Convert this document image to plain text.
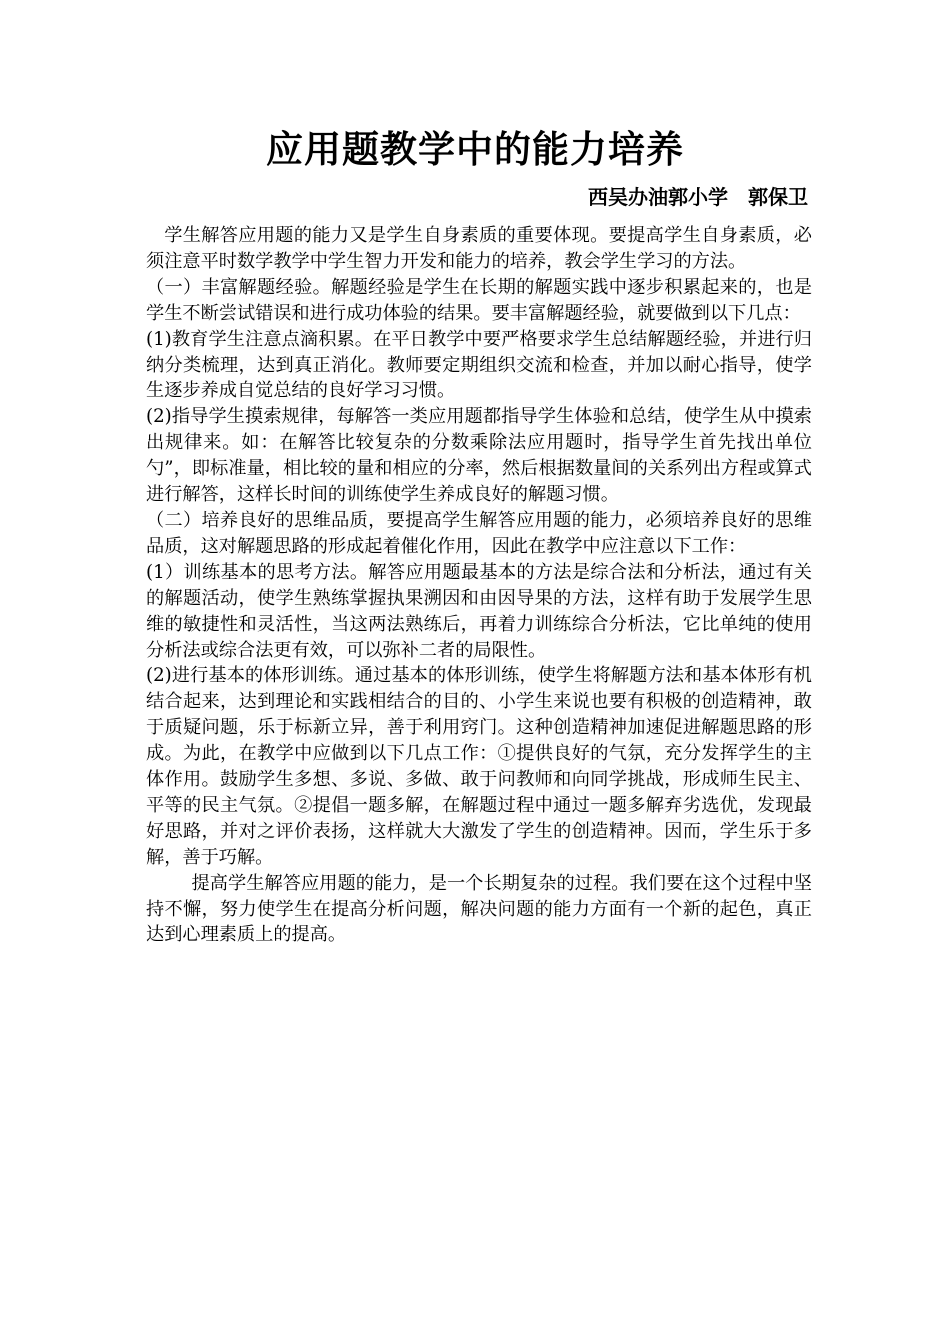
应用题教学中的能力培养
西吴办油郭小学　郭保卫

学生解答应用题的能力又是学生自身素质的重要体现。要提高学生自身素质，必须注意平时数学教学中学生智力开发和能力的培养，教会学生学习的方法。

（一）丰富解题经验。解题经验是学生在长期的解题实践中逐步积累起来的，也是学生不断尝试错误和进行成功体验的结果。要丰富解题经验，就要做到以下几点：

(1)教育学生注意点滴积累。在平日教学中要严格要求学生总结解题经验，并进行归纳分类梳理，达到真正消化。教师要定期组织交流和检查，并加以耐心指导，使学生逐步养成自觉总结的良好学习习惯。

(2)指导学生摸索规律，每解答一类应用题都指导学生体验和总结，使学生从中摸索出规律来。如：在解答比较复杂的分数乘除法应用题时，指导学生首先找出单位勺”，即标准量，相比较的量和相应的分率，然后根据数量间的关系列出方程或算式进行解答，这样长时间的训练使学生养成良好的解题习惯。

（二）培养良好的思维品质，要提高学生解答应用题的能力，必须培养良好的思维品质，这对解题思路的形成起着催化作用，因此在教学中应注意以下工作：

(1）训练基本的思考方法。解答应用题最基本的方法是综合法和分析法，通过有关的解题活动，使学生熟练掌握执果溯因和由因导果的方法，这样有助于发展学生思维的敏捷性和灵活性，当这两法熟练后，再着力训练综合分析法，它比单纯的使用分析法或综合法更有效，可以弥补二者的局限性。

(2)进行基本的体形训练。通过基本的体形训练，使学生将解题方法和基本体形有机结合起来，达到理论和实践相结合的目的、小学生来说也要有积极的创造精神，敢于质疑问题，乐于标新立异，善于利用窍门。这种创造精神加速促进解题思路的形成。为此，在教学中应做到以下几点工作：①提供良好的气氛，充分发挥学生的主体作用。鼓励学生多想、多说、多做、敢于问教师和向同学挑战，形成师生民主、平等的民主气氛。②提倡一题多解，在解题过程中通过一题多解弃劣选优，发现最好思路，并对之评价表扬，这样就大大激发了学生的创造精神。因而，学生乐于多解，善于巧解。

提高学生解答应用题的能力，是一个长期复杂的过程。我们要在这个过程中坚持不懈，努力使学生在提高分析问题，解决问题的能力方面有一个新的起色，真正达到心理素质上的提高。
